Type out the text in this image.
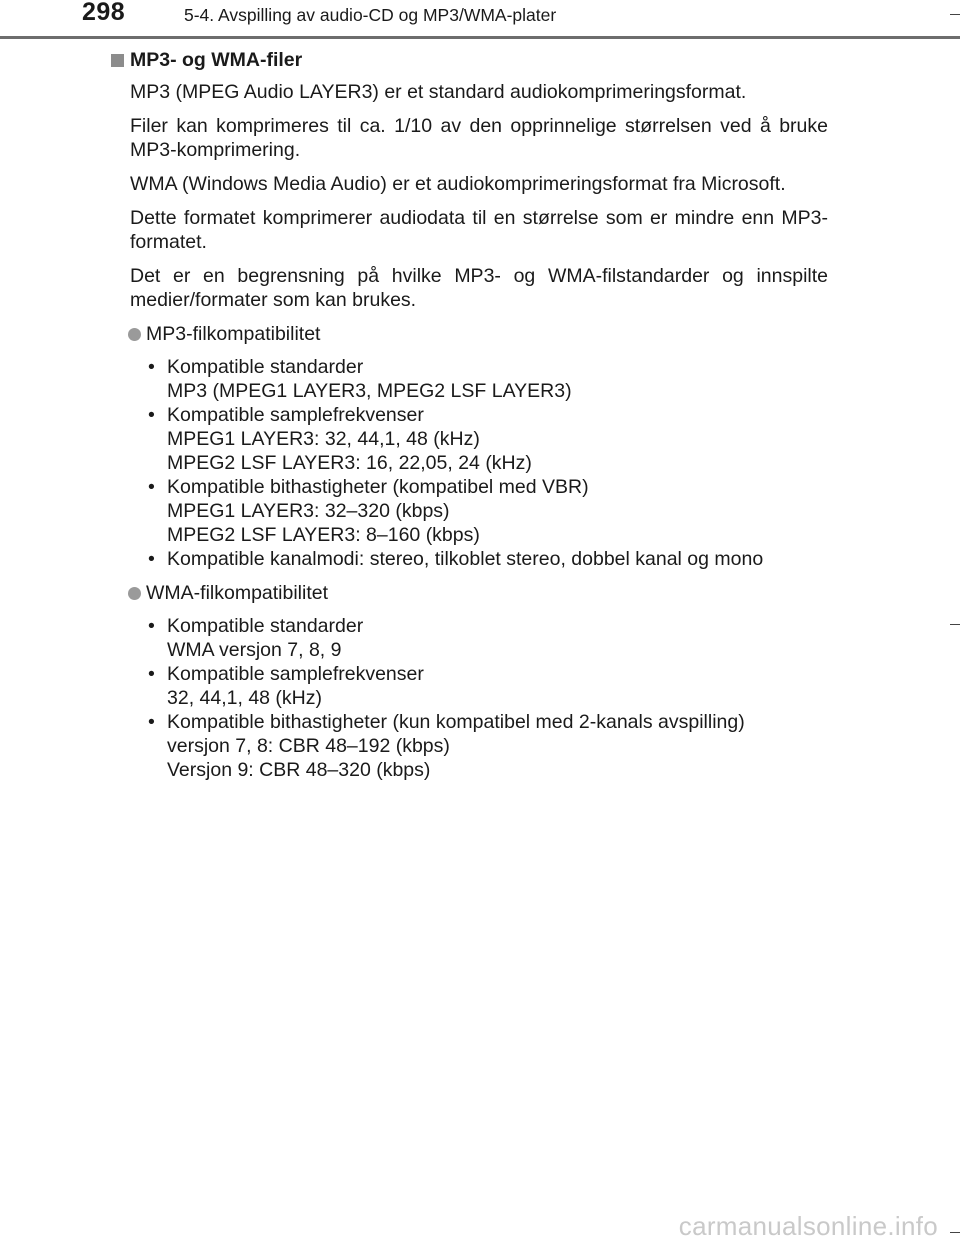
298	5-4. Avspilling av audio-CD og MP3/WMA-plater
MP3- og WMA-filer
MP3 (MPEG Audio LAYER3) er et standard audiokomprimeringsformat.
Filer kan komprimeres til ca. 1/10 av den opprinnelige størrelsen ved å bruke MP3-komprimering.
WMA (Windows Media Audio) er et audiokomprimeringsformat fra Microsoft.
Dette formatet komprimerer audiodata til en størrelse som er mindre enn MP3-formatet.
Det er en begrensning på hvilke MP3- og WMA-filstandarder og innspilte medier/formater som kan brukes.
MP3-filkompatibilitet
• Kompatible standarder
MP3 (MPEG1 LAYER3, MPEG2 LSF LAYER3)
• Kompatible samplefrekvenser
MPEG1 LAYER3: 32, 44,1, 48 (kHz)
MPEG2 LSF LAYER3: 16, 22,05, 24 (kHz)
• Kompatible bithastigheter (kompatibel med VBR)
MPEG1 LAYER3: 32–320 (kbps)
MPEG2 LSF LAYER3: 8–160 (kbps)
• Kompatible kanalmodi: stereo, tilkoblet stereo, dobbel kanal og mono
WMA-filkompatibilitet
• Kompatible standarder
WMA versjon 7, 8, 9
• Kompatible samplefrekvenser
32, 44,1, 48 (kHz)
• Kompatible bithastigheter (kun kompatibel med 2-kanals avspilling)
versjon 7, 8: CBR 48–192 (kbps)
Versjon 9: CBR 48–320 (kbps)
carmanualsonline.info
